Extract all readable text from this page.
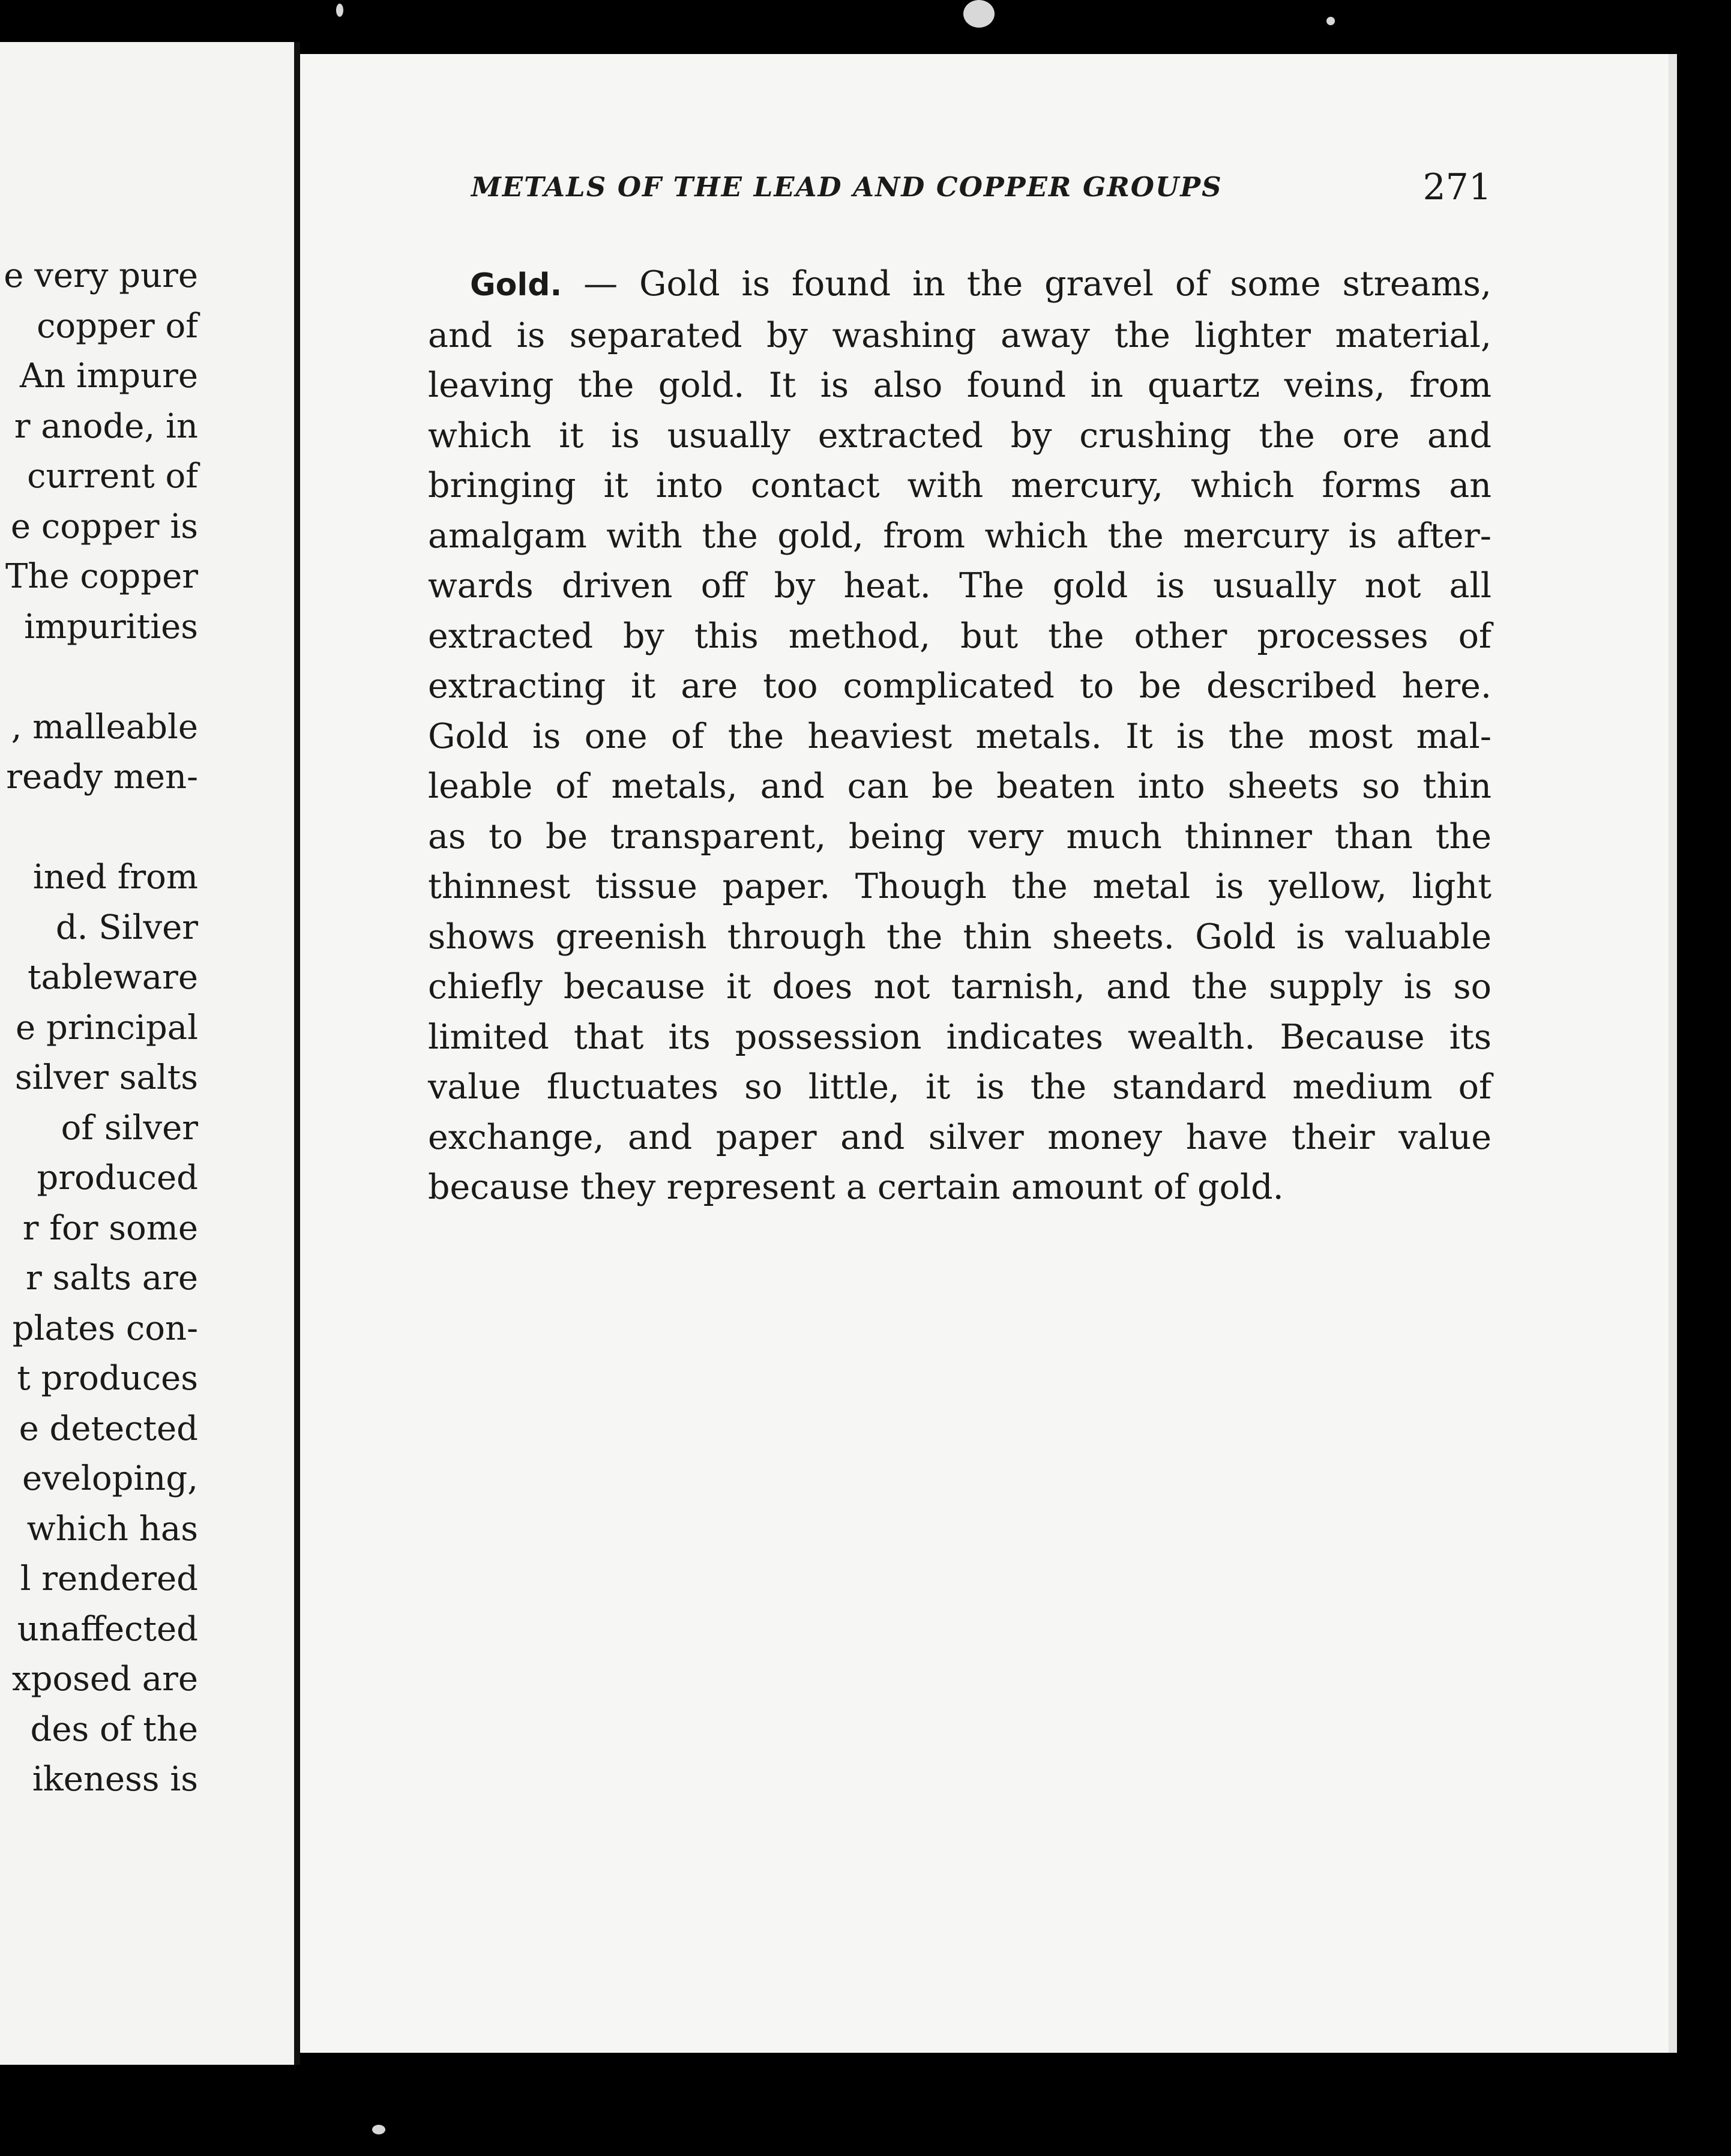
e very pure
copper of
An impure
r anode, in
current of
e copper is
The copper
impurities
, malleable
ready men-
ined from
d. Silver
tableware
e principal
silver salts
of silver
produced
r for some
r salts are
plates con-
t produces
e detected
eveloping,
which has
l rendered
unaffected
xposed are
des of the
ikeness is
METALS OF THE LEAD AND COPPER GROUPS	271
Gold. — Gold is found in the gravel of some streams,
and is separated by washing away the lighter material,
leaving the gold. It is also found in quartz veins, from
which it is usually extracted by crushing the ore and
bringing it into contact with mercury, which forms an
amalgam with the gold, from which the mercury is after-
wards driven off by heat. The gold is usually not all
extracted by this method, but the other processes of
extracting it are too complicated to be described here.
Gold is one of the heaviest metals. It is the most mal-
leable of metals, and can be beaten into sheets so thin
as to be transparent, being very much thinner than the
thinnest tissue paper. Though the metal is yellow, light
shows greenish through the thin sheets. Gold is valuable
chiefly because it does not tarnish, and the supply is so
limited that its possession indicates wealth. Because its
value fluctuates so little, it is the standard medium of
exchange, and paper and silver money have their value
because they represent a certain amount of gold.
